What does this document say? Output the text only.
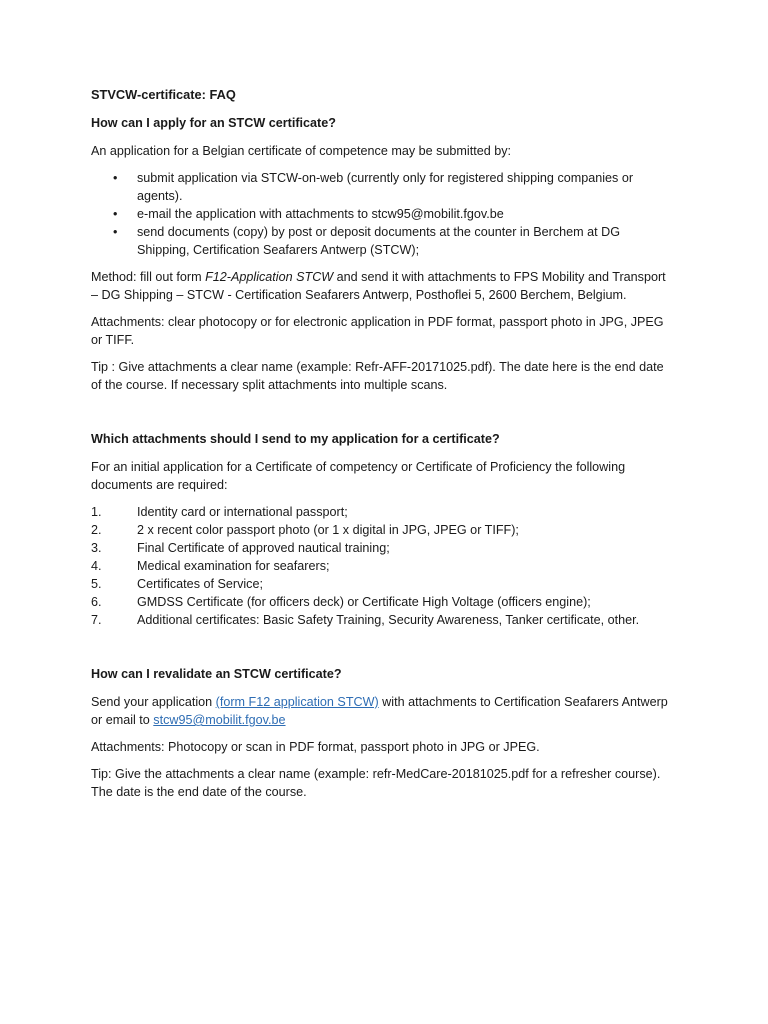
STVCW-certificate: FAQ
How can I apply for an STCW certificate?

An application for a Belgian certificate of competence may be submitted by:

• submit application via STCW-on-web (currently only for registered shipping companies or agents).
• e-mail the application with attachments to stcw95@mobilit.fgov.be
• send documents (copy) by post or deposit documents at the counter in Berchem at DG Shipping, Certification Seafarers Antwerp (STCW);

Method: fill out form F12-Application STCW and send it with attachments to FPS Mobility and Transport – DG Shipping – STCW - Certification Seafarers Antwerp, Posthoflei 5, 2600 Berchem, Belgium.

Attachments: clear photocopy or for electronic application in PDF format, passport photo in JPG, JPEG or TIFF.

Tip : Give attachments a clear name (example: Refr-AFF-20171025.pdf). The date here is the end date of the course. If necessary split attachments into multiple scans.

Which attachments should I send to my application for a certificate?

For an initial application for a Certificate of competency or Certificate of Proficiency the following documents are required:

1.	Identity card or international passport;
2.	2 x recent color passport photo (or 1 x digital in JPG, JPEG or TIFF);
3.	Final Certificate of approved nautical training;
4.	Medical examination for seafarers;
5.	Certificates of Service;
6.	GMDSS Certificate (for officers deck) or Certificate High Voltage (officers engine);
7.	Additional certificates: Basic Safety Training, Security Awareness, Tanker certificate, other.
How can I revalidate an STCW certificate?

Send your application (form F12 application STCW) with attachments to Certification Seafarers Antwerp or email to stcw95@mobilit.fgov.be

Attachments: Photocopy or scan in PDF format, passport photo in JPG or JPEG.

Tip: Give the attachments a clear name (example: refr-MedCare-20181025.pdf for a refresher course). The date is the end date of the course.
